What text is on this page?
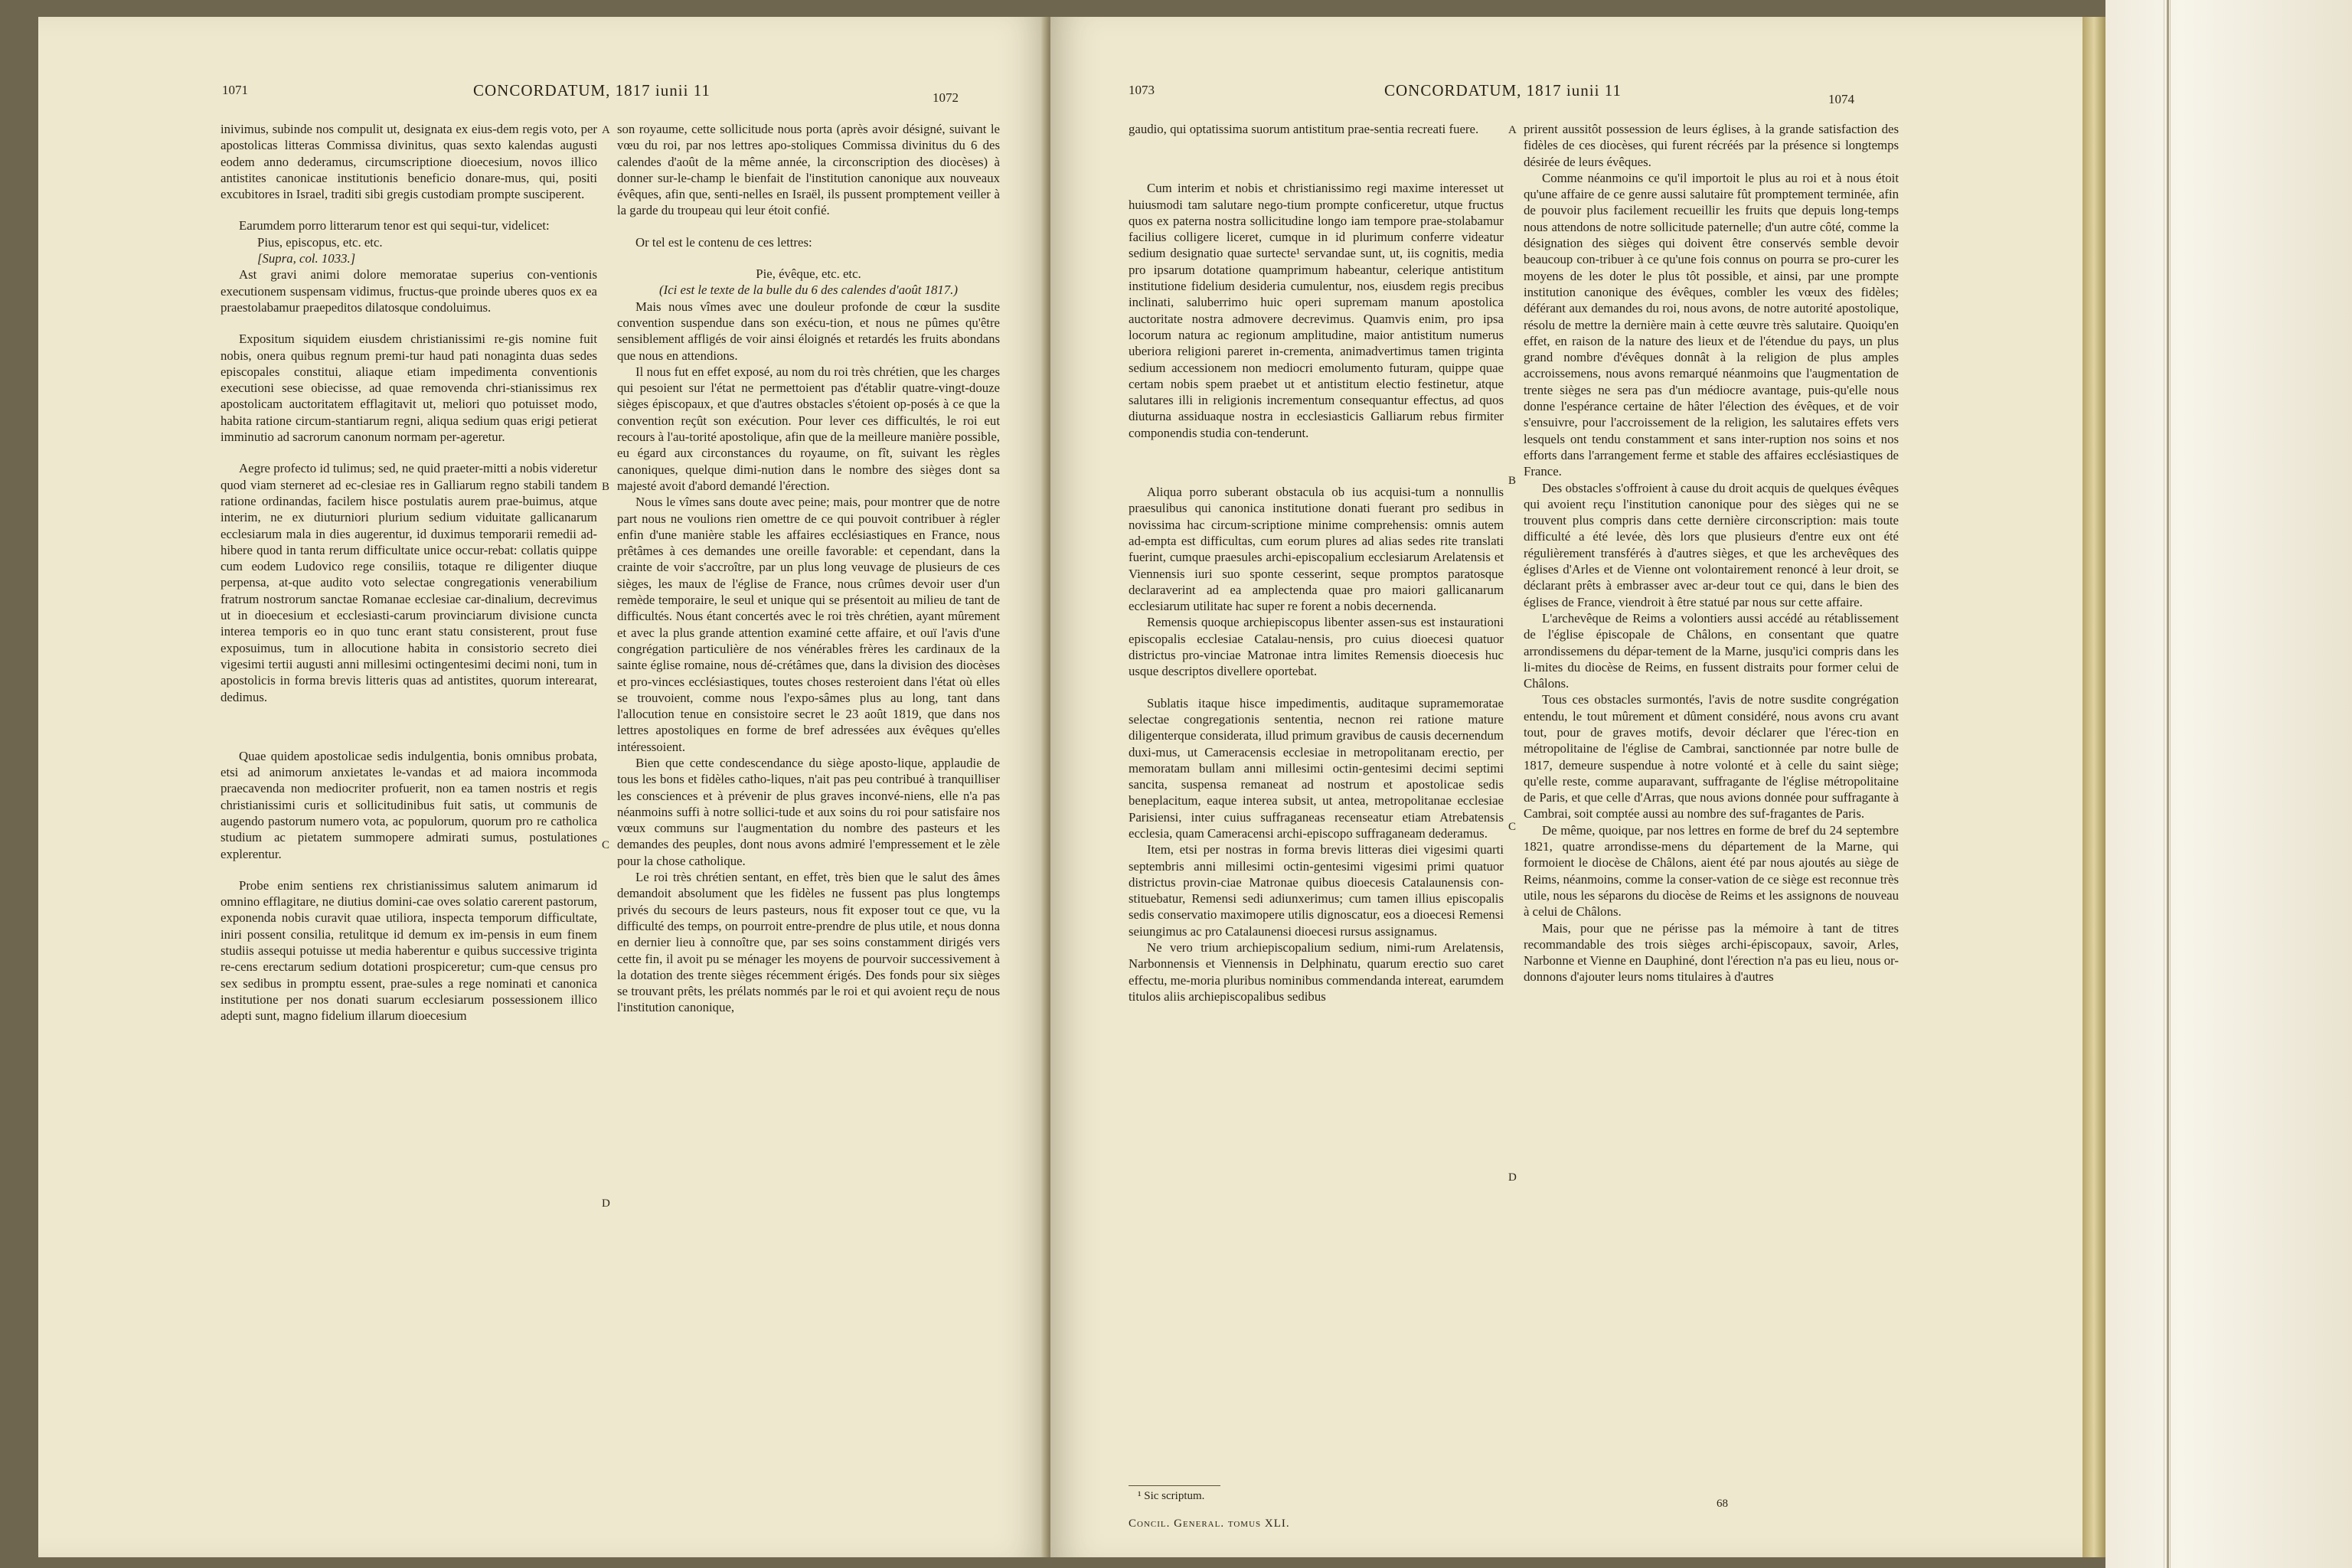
1071	CONCORDATUM, 1817 iunii 11	1072

inivimus, subinde nos compulit ut, designata ex eius-dem regis voto, per apostolicas litteras Commissa divinitus, quas sexto kalendas augusti eodem anno dederamus, circumscriptione dioecesium, novos illico antistites canonicae institutionis beneficio donare-mus, qui, positi excubitores in Israel, traditi sibi gregis custodiam prompte susciperent.

Earumdem porro litterarum tenor est qui sequi-tur, videlicet:

Pius, episcopus, etc. etc.

[Supra, col. 1033.]

Ast gravi animi dolore memoratae superius con-ventionis executionem suspensam vidimus, fructus-que proinde uberes quos ex ea praestolabamur praepeditos dilatosque condoluimus.

Expositum siquidem eiusdem christianissimi re-gis nomine fuit nobis, onera quibus regnum premi-tur haud pati nonaginta duas sedes episcopales constitui, aliaque etiam impedimenta conventionis executioni sese obiecisse, ad quae removenda chri-stianissimus rex apostolicam auctoritatem efflagitavit ut, meliori quo potuisset modo, habita ratione circum-stantiarum regni, aliqua sedium quas erigi petierat imminutio ad sacrorum canonum normam per-ageretur.

Aegre profecto id tulimus; sed, ne quid praeter-mitti a nobis videretur quod viam sterneret ad ec-clesiae res in Galliarum regno stabili tandem ratione ordinandas, facilem hisce postulatis aurem prae-buimus, atque interim, ne ex diuturniori plurium sedium viduitate gallicanarum ecclesiarum mala in dies augerentur, id duximus temporarii remedii ad-hibere quod in tanta rerum difficultate unice occur-rebat: collatis quippe cum eodem Ludovico rege consiliis, totaque re diligenter diuque perpensa, at-que audito voto selectae congregationis venerabilium fratrum nostrorum sanctae Romanae ecclesiae car-dinalium, decrevimus ut in dioecesium et ecclesiasti-carum provinciarum divisione cuncta interea temporis eo in quo tunc erant statu consisterent, prout fuse exposuimus, tum in allocutione habita in consistorio secreto diei vigesimi tertii augusti anni millesimi octingentesimi decimi noni, tum in apostolicis in forma brevis litteris quas ad antistites, quorum interearat, dedimus.

Quae quidem apostolicae sedis indulgentia, bonis omnibus probata, etsi ad animorum anxietates le-vandas et ad maiora incommoda praecavenda non mediocriter profuerit, non ea tamen nostris et regis christianissimi curis et sollicitudinibus fuit satis, ut communis de augendo pastorum numero vota, ac populorum, quorum pro re catholica studium ac pietatem summopere admirati sumus, postulationes explerentur.

Probe enim sentiens rex christianissimus salutem animarum id omnino efflagitare, ne diutius domini-cae oves solatio carerent pastorum, exponenda nobis curavit quae utiliora, inspecta temporum difficultate, iniri possent consilia, retulitque id demum ex im-pensis in eum finem studiis assequi potuisse ut media haberentur e quibus successive triginta re-cens erectarum sedium dotationi prospiceretur; cum-que census pro sex sedibus in promptu essent, prae-sules a rege nominati et canonica institutione per nos donati suarum ecclesiarum possessionem illico adepti sunt, magno fidelium illarum dioecesium

A
B
C
D

son royaume, cette sollicitude nous porta (après avoir désigné, suivant le vœu du roi, par nos lettres apo-stoliques Commissa divinitus du 6 des calendes d'août de la même année, la circonscription des diocèses) à donner sur-le-champ le bienfait de l'institution canonique aux nouveaux évêques, afin que, senti-nelles en Israël, ils pussent promptement veiller à la garde du troupeau qui leur étoit confié.

Or tel est le contenu de ces lettres:

Pie, évêque, etc. etc.

(Ici est le texte de la bulle du 6 des calendes d'août 1817.)

Mais nous vîmes avec une douleur profonde de cœur la susdite convention suspendue dans son exécu-tion, et nous ne pûmes qu'être sensiblement affligés de voir ainsi éloignés et retardés les fruits abondans que nous en attendions.

Il nous fut en effet exposé, au nom du roi très chrétien, que les charges qui pesoient sur l'état ne permettoient pas d'établir quatre-vingt-douze sièges épiscopaux, et que d'autres obstacles s'étoient op-posés à ce que la convention reçût son exécution. Pour lever ces difficultés, le roi eut recours à l'au-torité apostolique, afin que de la meilleure manière possible, eu égard aux circonstances du royaume, on fît, suivant les règles canoniques, quelque dimi-nution dans le nombre des sièges dont sa majesté avoit d'abord demandé l'érection.

Nous le vîmes sans doute avec peine; mais, pour montrer que de notre part nous ne voulions rien omettre de ce qui pouvoit contribuer à régler enfin d'une manière stable les affaires ecclésiastiques en France, nous prêtâmes à ces demandes une oreille favorable: et cependant, dans la crainte de voir s'accroître, par un plus long veuvage de plusieurs de ces sièges, les maux de l'église de France, nous crûmes devoir user d'un remède temporaire, le seul et unique qui se présentoit au milieu de tant de difficultés. Nous étant concertés avec le roi très chrétien, ayant mûrement et avec la plus grande attention examiné cette affaire, et ouï l'avis d'une congrégation particulière de nos vénérables frères les cardinaux de la sainte église romaine, nous dé-crétâmes que, dans la division des diocèses et pro-vinces ecclésiastiques, toutes choses resteroient dans l'état où elles se trouvoient, comme nous l'expo-sâmes plus au long, tant dans l'allocution tenue en consistoire secret le 23 août 1819, que dans nos lettres apostoliques en forme de bref adressées aux évêques qu'elles intéressoient.

Bien que cette condescendance du siège aposto-lique, applaudie de tous les bons et fidèles catho-liques, n'ait pas peu contribué à tranquilliser les consciences et à prévenir de plus graves inconvé-niens, elle n'a pas néanmoins suffi à notre sollici-tude et aux soins du roi pour satisfaire nos vœux communs sur l'augmentation du nombre des pasteurs et les demandes des peuples, dont nous avons admiré l'empressement et le zèle pour la chose catholique.

Le roi très chrétien sentant, en effet, très bien que le salut des âmes demandoit absolument que les fidèles ne fussent pas plus longtemps privés du secours de leurs pasteurs, nous fit exposer tout ce que, vu la difficulté des temps, on pourroit entre-prendre de plus utile, et nous donna en dernier lieu à connoître que, par ses soins constamment dirigés vers cette fin, il avoit pu se ménager les moyens de pourvoir successivement à la dotation des trente sièges récemment érigés. Des fonds pour six sièges se trouvant prêts, les prélats nommés par le roi et qui avoient reçu de nous l'institution canonique,

1073	CONCORDATUM, 1817 iunii 11	1074

gaudio, qui optatissima suorum antistitum prae-sentia recreati fuere.

Cum interim et nobis et christianissimo regi maxime interesset ut huiusmodi tam salutare nego-tium prompte conficeretur, utque fructus quos ex paterna nostra sollicitudine longo iam tempore prae-stolabamur facilius colligere liceret, cumque in id plurimum conferre videatur sedium designatio quae surtecte¹ servandae sunt, ut, iis cognitis, media pro ipsarum dotatione quamprimum habeantur, celerique antistitum institutione fidelium desideria cumulentur, nos, eiusdem regis precibus inclinati, saluberrimo huic operi supremam manum apostolica auctoritate nostra admovere decrevimus. Quamvis enim, pro ipsa locorum natura ac regionum amplitudine, maior antistitum numerus uberiora religioni pareret in-crementa, animadvertimus tamen triginta sedium accessionem non mediocri emolumento futuram, quippe quae certam nobis spem praebet ut et antistitum electio festinetur, atque salutares illi in religionis incrementum consequantur effectus, ad quos diuturna assiduaque nostra in ecclesiasticis Galliarum rebus firmiter componendis studia con-tenderunt.

Aliqua porro suberant obstacula ob ius acquisi-tum a nonnullis praesulibus qui canonica institutione donati fuerant pro sedibus in novissima hac circum-scriptione minime comprehensis: omnis autem ad-empta est difficultas, cum eorum plures ad alias sedes rite translati fuerint, cumque praesules archi-episcopalium ecclesiarum Arelatensis et Viennensis iuri suo sponte cesserint, seque promptos paratosque declaraverint ad ea amplectenda quae pro maiori gallicanarum ecclesiarum utilitate hac super re forent a nobis decernenda.

Remensis quoque archiepiscopus libenter assen-sus est instaurationi episcopalis ecclesiae Catalau-nensis, pro cuius dioecesi quatuor districtus pro-vinciae Matronae intra limites Remensis dioecesis huc usque descriptos divellere oportebat.

Sublatis itaque hisce impedimentis, auditaque supramemoratae selectae congregationis sententia, necnon rei ratione mature diligenterque considerata, illud primum gravibus de causis decernendum duxi-mus, ut Cameracensis ecclesiae in metropolitanam erectio, per memoratam bullam anni millesimi octin-gentesimi decimi septimi sancita, suspensa remaneat ad nostrum et apostolicae sedis beneplacitum, eaque interea subsit, ut antea, metropolitanae ecclesiae Parisiensi, inter cuius suffraganeas recenseatur etiam Atrebatensis ecclesia, quam Cameracensi archi-episcopo suffraganeam dederamus.

Item, etsi per nostras in forma brevis litteras diei vigesimi quarti septembris anni millesimi octin-gentesimi vigesimi primi quatuor districtus provin-ciae Matronae quibus dioecesis Catalaunensis con-stituebatur, Remensi sedi adiunxerimus; cum tamen illius episcopalis sedis conservatio maximopere utilis dignoscatur, eos a dioecesi Remensi seiungimus ac pro Catalaunensi dioecesi rursus assignamus.

Ne vero trium archiepiscopalium sedium, nimi-rum Arelatensis, Narbonnensis et Viennensis in Delphinatu, quarum erectio suo caret effectu, me-moria pluribus nominibus commendanda intereat, earumdem titulos aliis archiepiscopalibus sedibus

A
B
C
D

prirent aussitôt possession de leurs églises, à la grande satisfaction des fidèles de ces diocèses, qui furent récréés par la présence si longtemps désirée de leurs évêques.

Comme néanmoins ce qu'il importoit le plus au roi et à nous étoit qu'une affaire de ce genre aussi salutaire fût promptement terminée, afin de pouvoir plus facilement recueillir les fruits que depuis long-temps nous attendons de notre sollicitude paternelle; d'un autre côté, comme la désignation des sièges qui doivent être conservés semble devoir beaucoup con-tribuer à ce qu'une fois connus on pourra se pro-curer les moyens de les doter le plus tôt possible, et ainsi, par une prompte institution canonique des évêques, combler les vœux des fidèles; déférant aux demandes du roi, nous avons, de notre autorité apostolique, résolu de mettre la dernière main à cette œuvre très salutaire. Quoiqu'en effet, en raison de la nature des lieux et de l'étendue du pays, un plus grand nombre d'évêques donnât à la religion de plus amples accroissemens, nous avons remarqué néanmoins que l'augmentation de trente sièges ne sera pas d'un médiocre avantage, puis-qu'elle nous donne l'espérance certaine de hâter l'élection des évêques, et de voir s'ensuivre, pour l'accroissement de la religion, les salutaires effets vers lesquels ont tendu constamment et sans inter-ruption nos soins et nos efforts dans l'arrangement ferme et stable des affaires ecclésiastiques de France.

Des obstacles s'offroient à cause du droit acquis de quelques évêques qui avoient reçu l'institution canonique pour des sièges qui ne se trouvent plus compris dans cette dernière circonscription: mais toute difficulté a été levée, dès lors que plusieurs d'entre eux ont été régulièrement transférés à d'autres sièges, et que les archevêques des églises d'Arles et de Vienne ont volontairement renoncé à leur droit, se déclarant prêts à embrasser avec ar-deur tout ce qui, dans le bien des églises de France, viendroit à être statué par nous sur cette affaire.

L'archevêque de Reims a volontiers aussi accédé au rétablissement de l'église épiscopale de Châlons, en consentant que quatre arrondissemens du dépar-tement de la Marne, jusqu'ici compris dans les li-mites du diocèse de Reims, en fussent distraits pour former celui de Châlons.

Tous ces obstacles surmontés, l'avis de notre susdite congrégation entendu, le tout mûrement et dûment considéré, nous avons cru avant tout, pour de graves motifs, devoir déclarer que l'érec-tion en métropolitaine de l'église de Cambrai, sanctionnée par notre bulle de 1817, demeure suspendue à notre volonté et à celle du saint siège; qu'elle reste, comme auparavant, suffragante de l'église métropolitaine de Paris, et que celle d'Arras, que nous avions donnée pour suffragante à Cambrai, soit comptée aussi au nombre des suf-fragantes de Paris.

De même, quoique, par nos lettres en forme de bref du 24 septembre 1821, quatre arrondisse-mens du département de la Marne, qui formoient le diocèse de Châlons, aient été par nous ajoutés au siège de Reims, néanmoins, comme la conser-vation de ce siège est reconnue très utile, nous les séparons du diocèse de Reims et les assignons de nouveau à celui de Châlons.

Mais, pour que ne périsse pas la mémoire à tant de titres recommandable des trois sièges archi-épiscopaux, savoir, Arles, Narbonne et Vienne en Dauphiné, dont l'érection n'a pas eu lieu, nous or-donnons d'ajouter leurs noms titulaires à d'autres

¹ Sic scriptum.
Concil. General. tomus XLI.
68
